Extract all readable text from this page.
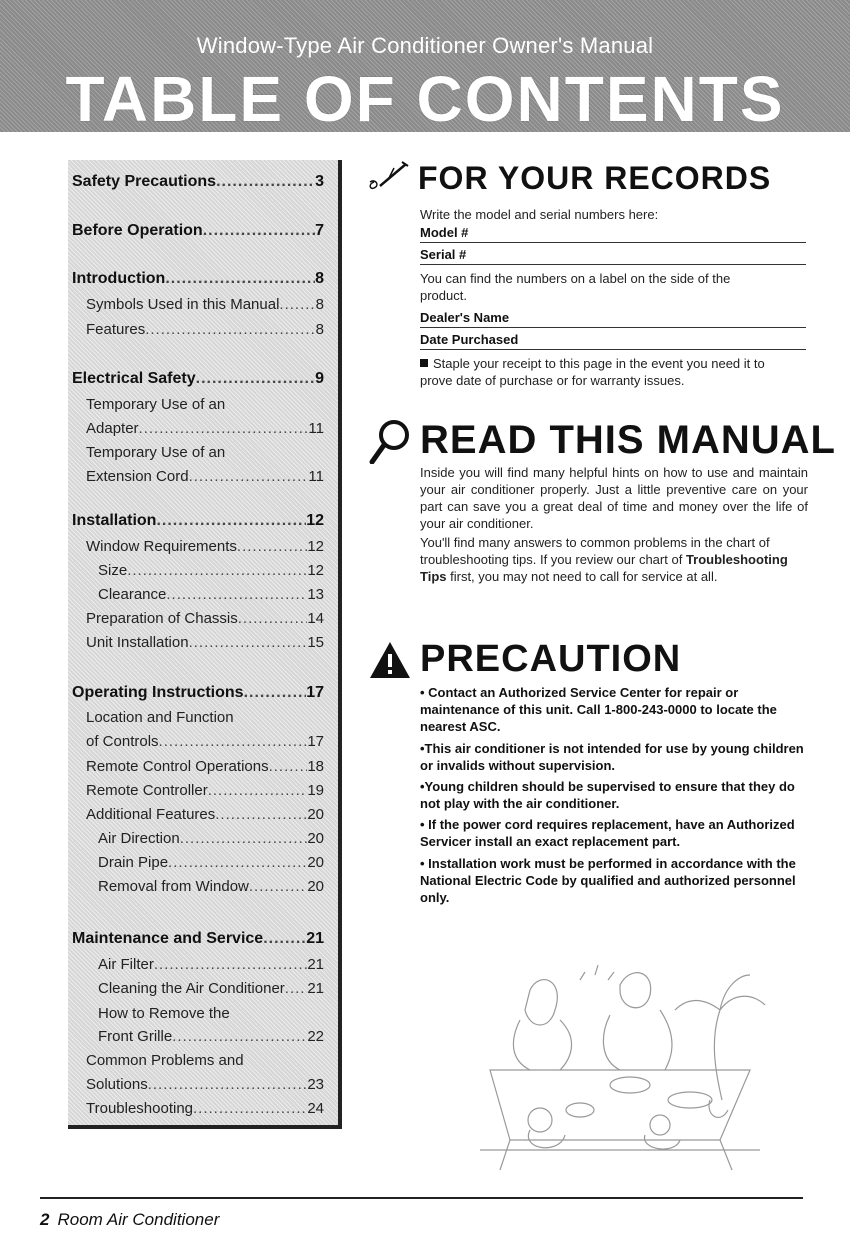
Window-Type Air Conditioner Owner's Manual
TABLE OF CONTENTS
Safety Precautions .....	3
Before Operation .....	7
Introduction .....	8
Symbols Used in this Manual ..... 8
Features .....	8
Electrical Safety .....	9
Temporary Use of an
Adapter .....	11
Temporary Use of an
Extension Cord .....	11
Installation .....	12
Window Requirements .....	12
Size .....	12
Clearance .....	13
Preparation of Chassis .....	14
Unit Installation .....	15
Operating Instructions .....	17
Location and Function
of Controls .....	17
Remote Control Operations .....	18
Remote Controller .....	19
Additional Features .....	20
Air Direction .....	20
Drain Pipe .....	20
Removal from Window .....	20
Maintenance and Service .....	21
Air Filter .....	21
Cleaning the Air Conditioner ..... 21
How to Remove the
Front Grille .....	22
Common Problems and
Solutions .....	23
Troubleshooting .....	24
FOR YOUR RECORDS
Write the model and serial numbers here:
Model #
Serial #
You can find the numbers on a label on the side of the product.
Dealer's Name
Date Purchased
Staple your receipt to this page in the event you need it to prove date of purchase or for warranty issues.
READ THIS MANUAL
Inside you will find many helpful hints on how to use and maintain your air conditioner properly. Just a little preventive care on your part can save you a great deal of time and money over the life of your air conditioner.
You'll find many answers to common problems in the chart of troubleshooting tips. If you review our chart of Troubleshooting Tips first, you may not need to call for service at all.
PRECAUTION
• Contact an Authorized Service Center for repair or maintenance of this unit. Call 1-800-243-0000 to locate the nearest ASC.
•This air conditioner is not intended for use by young children or invalids without supervision.
•Young children should be supervised to ensure that they do not play with the air conditioner.
• If the power cord requires replacement, have an Authorized Servicer install an exact replacement part.
• Installation work must be performed in accordance with the National Electric Code by qualified and authorized personnel only.
2 Room Air Conditioner
